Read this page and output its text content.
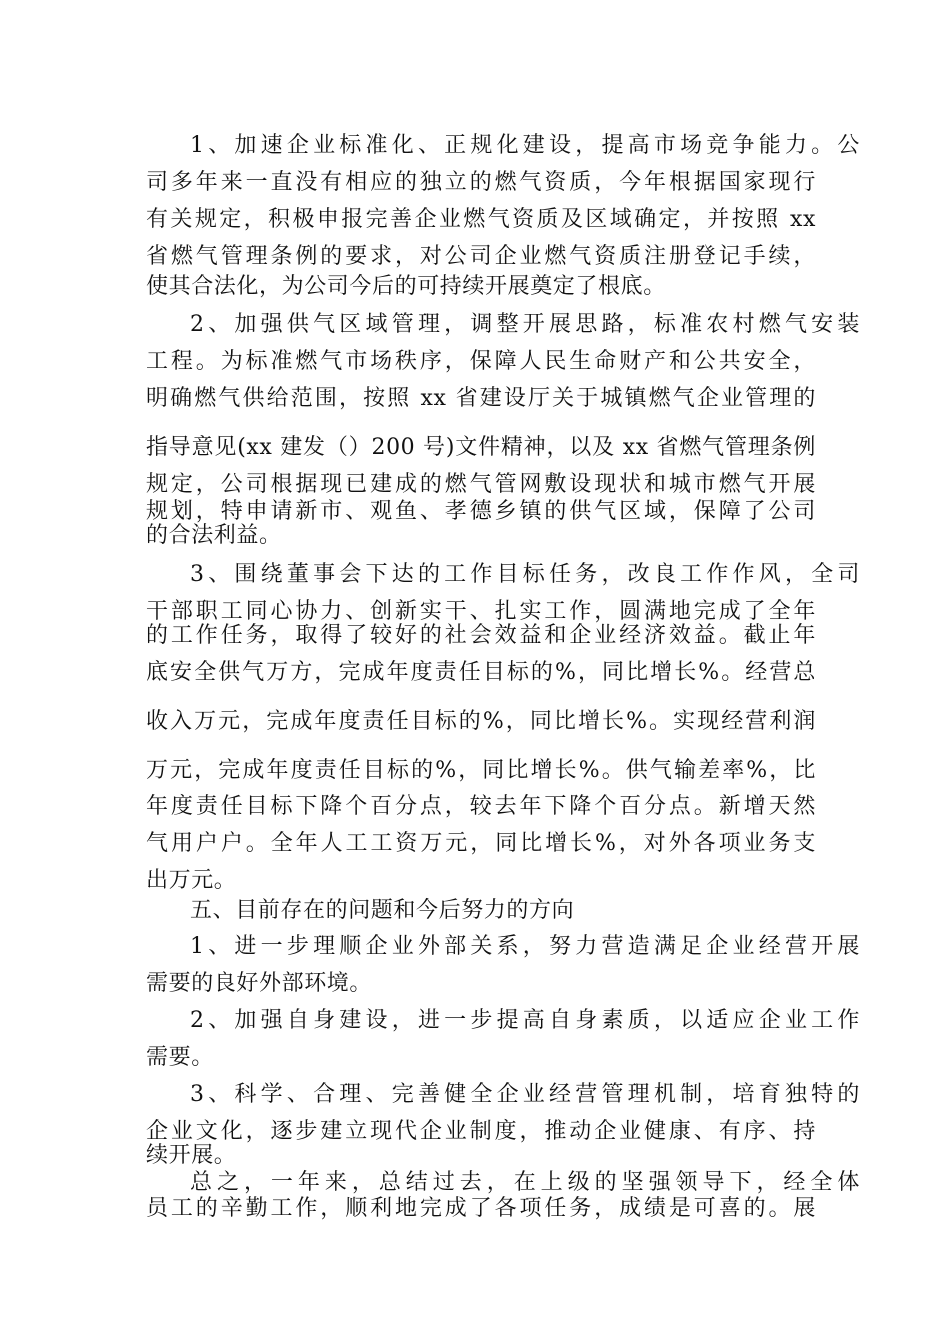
1、加速企业标准化、正规化建设，提高市场竞争能力。公
司多年来一直没有相应的独立的燃气资质，今年根据国家现行
有关规定，积极申报完善企业燃气资质及区域确定，并按照 xx
省燃气管理条例的要求，对公司企业燃气资质注册登记手续，
使其合法化，为公司今后的可持续开展奠定了根底。
2、加强供气区域管理，调整开展思路，标准农村燃气安装
工程。为标准燃气市场秩序，保障人民生命财产和公共安全，
明确燃气供给范围，按照 xx 省建设厅关于城镇燃气企业管理的
指导意见(xx 建发（）200 号)文件精神，以及 xx 省燃气管理条例
规定，公司根据现已建成的燃气管网敷设现状和城市燃气开展
规划，特申请新市、观鱼、孝德乡镇的供气区域，保障了公司
的合法利益。
3、围绕董事会下达的工作目标任务，改良工作作风，全司
干部职工同心协力、创新实干、扎实工作，圆满地完成了全年
的工作任务，取得了较好的社会效益和企业经济效益。截止年
底安全供气万方，完成年度责任目标的%，同比增长%。经营总
收入万元，完成年度责任目标的%，同比增长%。实现经营利润
万元，完成年度责任目标的%，同比增长%。供气输差率%，比
年度责任目标下降个百分点，较去年下降个百分点。新增天然
气用户户。全年人工工资万元，同比增长%，对外各项业务支
出万元。
五、目前存在的问题和今后努力的方向
1、进一步理顺企业外部关系，努力营造满足企业经营开展
需要的良好外部环境。
2、加强自身建设，进一步提高自身素质，以适应企业工作
需要。
3、科学、合理、完善健全企业经营管理机制，培育独特的
企业文化，逐步建立现代企业制度，推动企业健康、有序、持
续开展。
总之，一年来，总结过去，在上级的坚强领导下，经全体
员工的辛勤工作，顺利地完成了各项任务，成绩是可喜的。展
